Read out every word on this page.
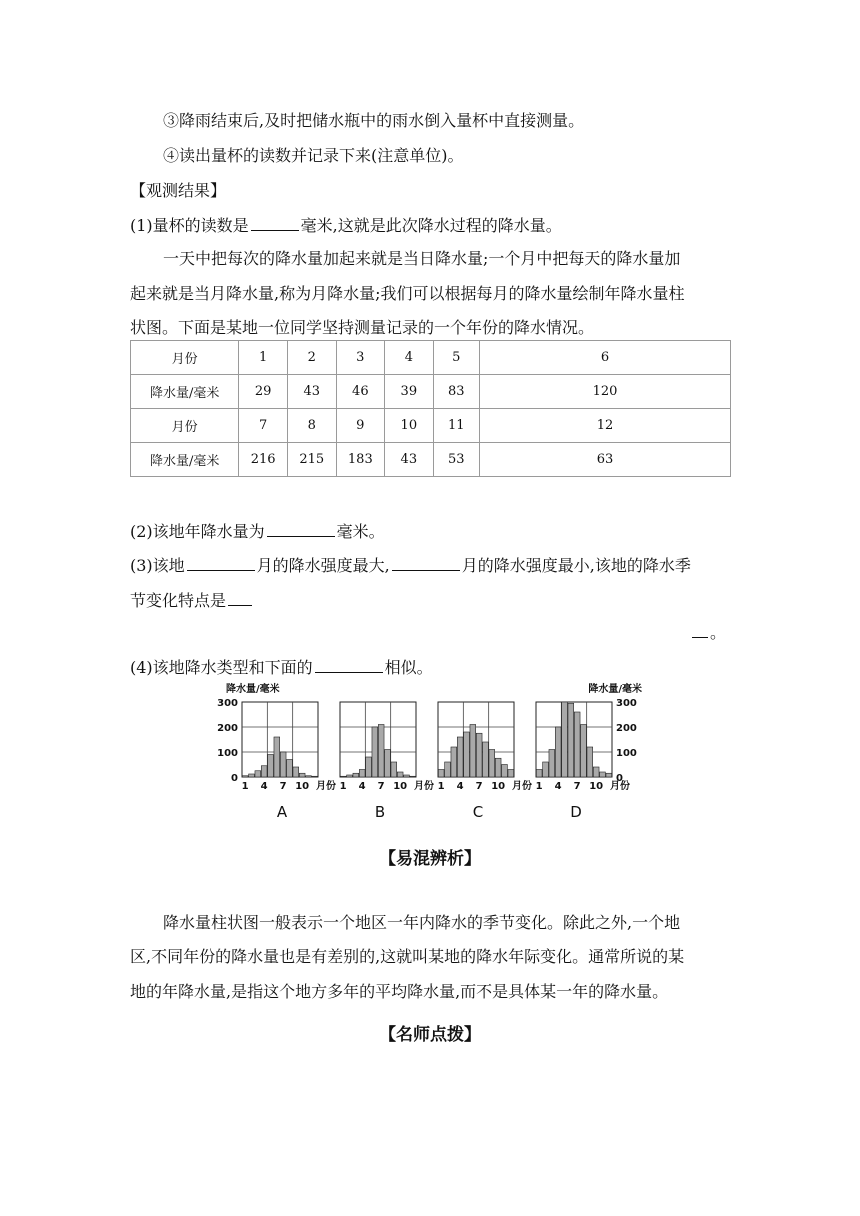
③降雨结束后,及时把储水瓶中的雨水倒入量杯中直接测量。
④读出量杯的读数并记录下来(注意单位)。
【观测结果】
(1)量杯的读数是	毫米,这就是此次降水过程的降水量。
一天中把每次的降水量加起来就是当日降水量;一个月中把每天的降水量加
起来就是当月降水量,称为月降水量;我们可以根据每月的降水量绘制年降水量柱
状图。下面是某地一位同学坚持测量记录的一个年份的降水情况。
月份	1	2	3	4	5	6
降水量/毫米	29	43	46	39	83	120
月份	7	8	9	10	11	12
降水量/毫米	216	215	183	43	53	63
(2)该地年降水量为	毫米。
(3)该地	月的降水强度最大,	月的降水强度最小,该地的降水季
节变化特点是
。
(4)该地降水类型和下面的	相似。
1 4 7 10 月份
300
200
100
0
降水量/毫米
A
1 4 7 10 月份
B
1 4 7 10 月份
C
1 4 7 10 月份
300
200
100
0
降水量/毫米
D
【易混辨析】
降水量柱状图一般表示一个地区一年内降水的季节变化。除此之外,一个地
区,不同年份的降水量也是有差别的,这就叫某地的降水年际变化。通常所说的某
地的年降水量,是指这个地方多年的平均降水量,而不是具体某一年的降水量。
【名师点拨】
